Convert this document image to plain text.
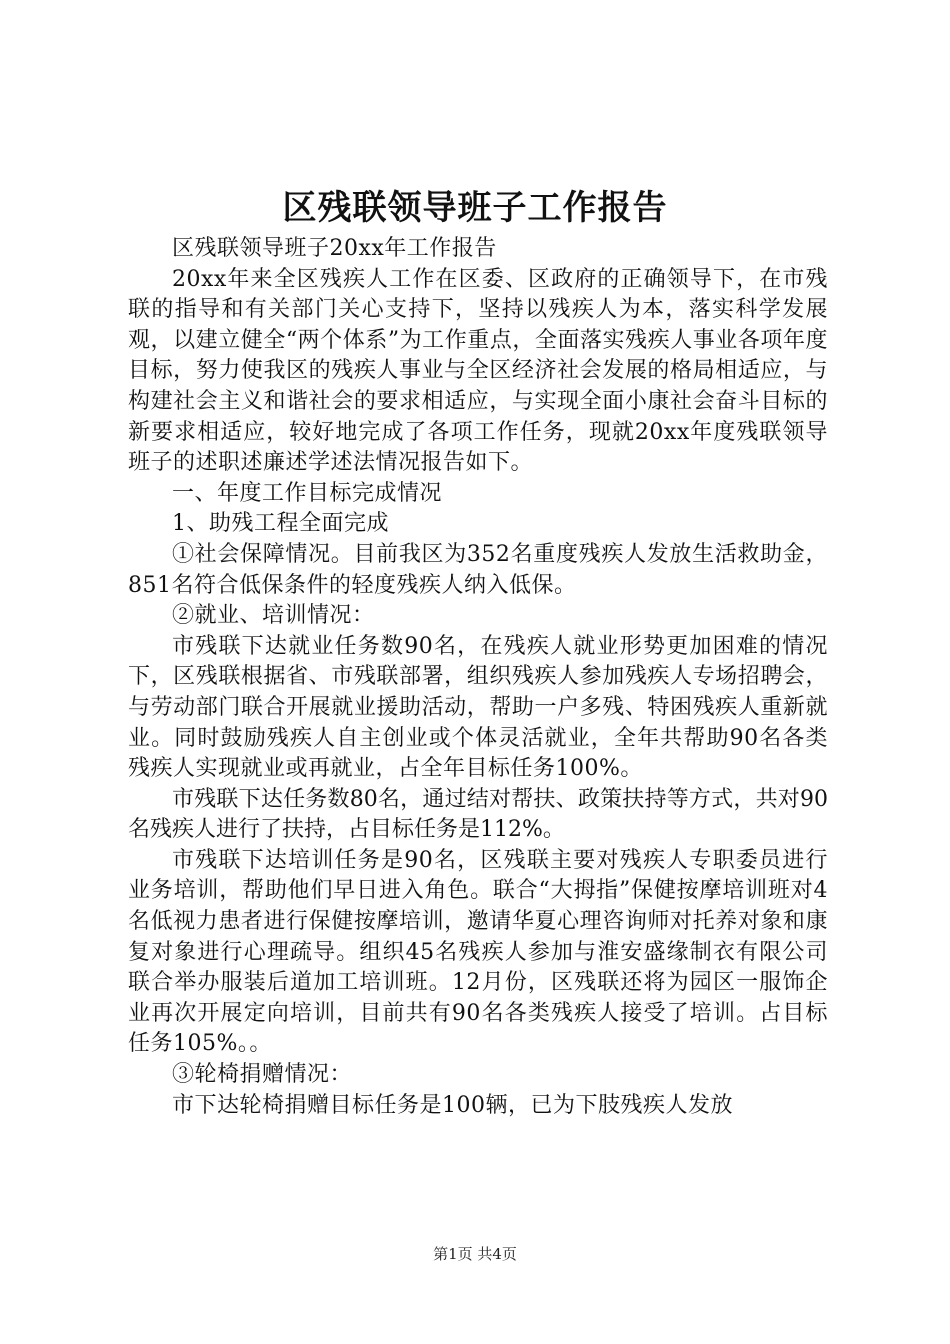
区残联领导班子工作报告

区残联领导班子20xx年工作报告

20xx年来全区残疾人工作在区委、区政府的正确领导下，在市残联的指导和有关部门关心支持下，坚持以残疾人为本，落实科学发展观，以建立健全“两个体系”为工作重点，全面落实残疾人事业各项年度目标，努力使我区的残疾人事业与全区经济社会发展的格局相适应，与构建社会主义和谐社会的要求相适应，与实现全面小康社会奋斗目标的新要求相适应，较好地完成了各项工作任务，现就20xx年度残联领导班子的述职述廉述学述法情况报告如下。

一、年度工作目标完成情况

1、助残工程全面完成

①社会保障情况。目前我区为352名重度残疾人发放生活救助金，851名符合低保条件的轻度残疾人纳入低保。

②就业、培训情况：

市残联下达就业任务数90名，在残疾人就业形势更加困难的情况下，区残联根据省、市残联部署，组织残疾人参加残疾人专场招聘会，与劳动部门联合开展就业援助活动，帮助一户多残、特困残疾人重新就业。同时鼓励残疾人自主创业或个体灵活就业，全年共帮助90名各类残疾人实现就业或再就业，占全年目标任务100%。

市残联下达任务数80名，通过结对帮扶、政策扶持等方式，共对90名残疾人进行了扶持，占目标任务是112%。

市残联下达培训任务是90名，区残联主要对残疾人专职委员进行业务培训，帮助他们早日进入角色。联合“大拇指”保健按摩培训班对4名低视力患者进行保健按摩培训，邀请华夏心理咨询师对托养对象和康复对象进行心理疏导。组织45名残疾人参加与淮安盛缘制衣有限公司联合举办服装后道加工培训班。12月份，区残联还将为园区一服饰企业再次开展定向培训，目前共有90名各类残疾人接受了培训。占目标任务105%。。

③轮椅捐赠情况：

市下达轮椅捐赠目标任务是100辆，已为下肢残疾人发放

第1页 共4页
